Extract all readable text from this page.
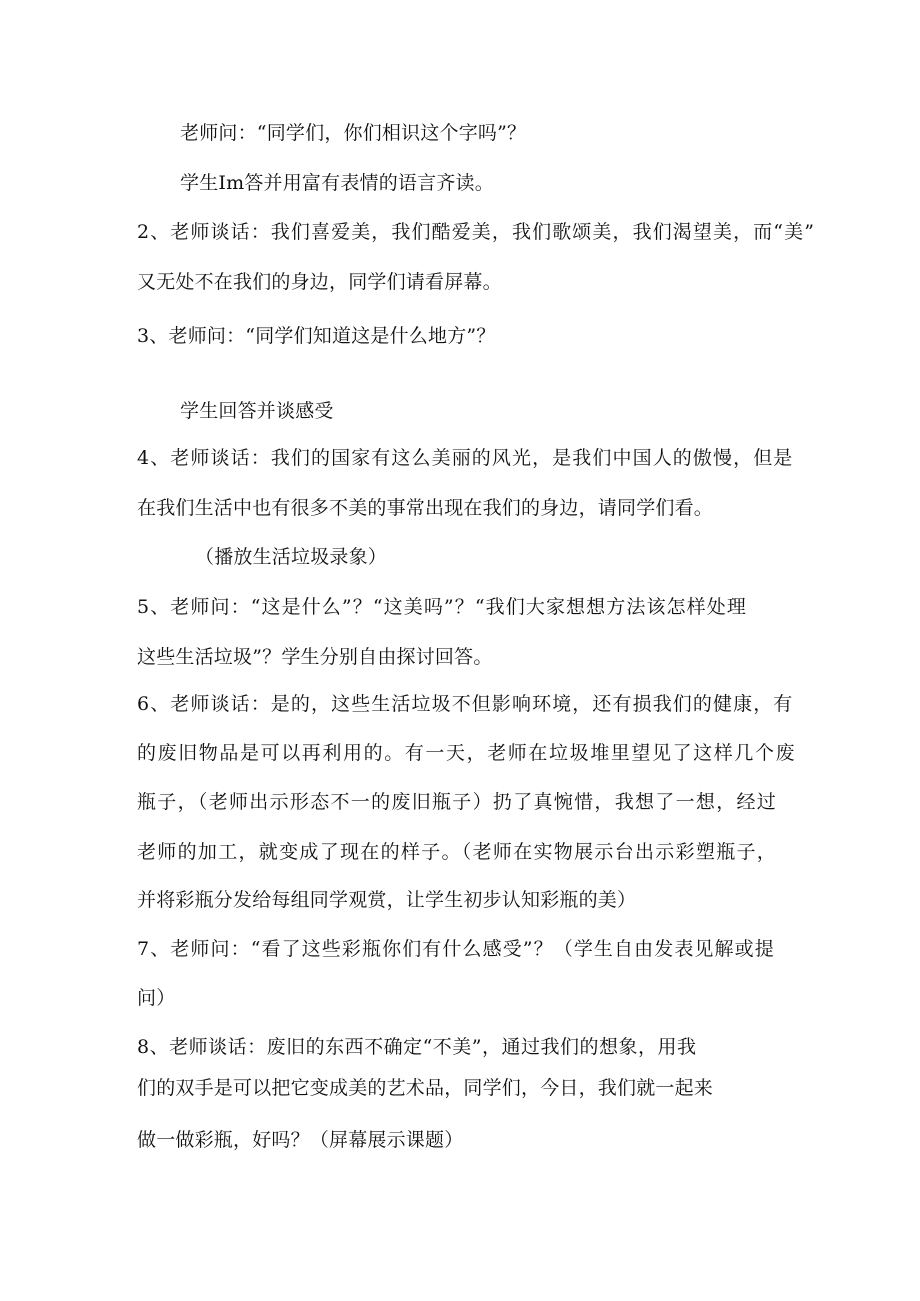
老师问：“同学们，你们相识这个字吗”？
学生Im答并用富有表情的语言齐读。
2、老师谈话：我们喜爱美，我们酷爱美，我们歌颂美，我们渴望美，而“美”
又无处不在我们的身边，同学们请看屏幕。
3、老师问：“同学们知道这是什么地方”？
学生回答并谈感受
4、老师谈话：我们的国家有这么美丽的风光，是我们中国人的傲慢，但是
在我们生活中也有很多不美的事常出现在我们的身边，请同学们看。
（播放生活垃圾录象）
5、老师问：“这是什么”？“这美吗”？“我们大家想想方法该怎样处理
这些生活垃圾”？学生分别自由探讨回答。
6、老师谈话：是的，这些生活垃圾不但影响环境，还有损我们的健康，有
的废旧物品是可以再利用的。有一天，老师在垃圾堆里望见了这样几个废
瓶子，（老师出示形态不一的废旧瓶子）扔了真惋惜，我想了一想，经过
老师的加工，就变成了现在的样子。（老师在实物展示台出示彩塑瓶子，
并将彩瓶分发给每组同学观赏，让学生初步认知彩瓶的美）
7、老师问：“看了这些彩瓶你们有什么感受”？（学生自由发表见解或提
问）
8、老师谈话：废旧的东西不确定“不美”，通过我们的想象，用我
们的双手是可以把它变成美的艺术品，同学们，今日，我们就一起来
做一做彩瓶，好吗？（屏幕展示课题）
